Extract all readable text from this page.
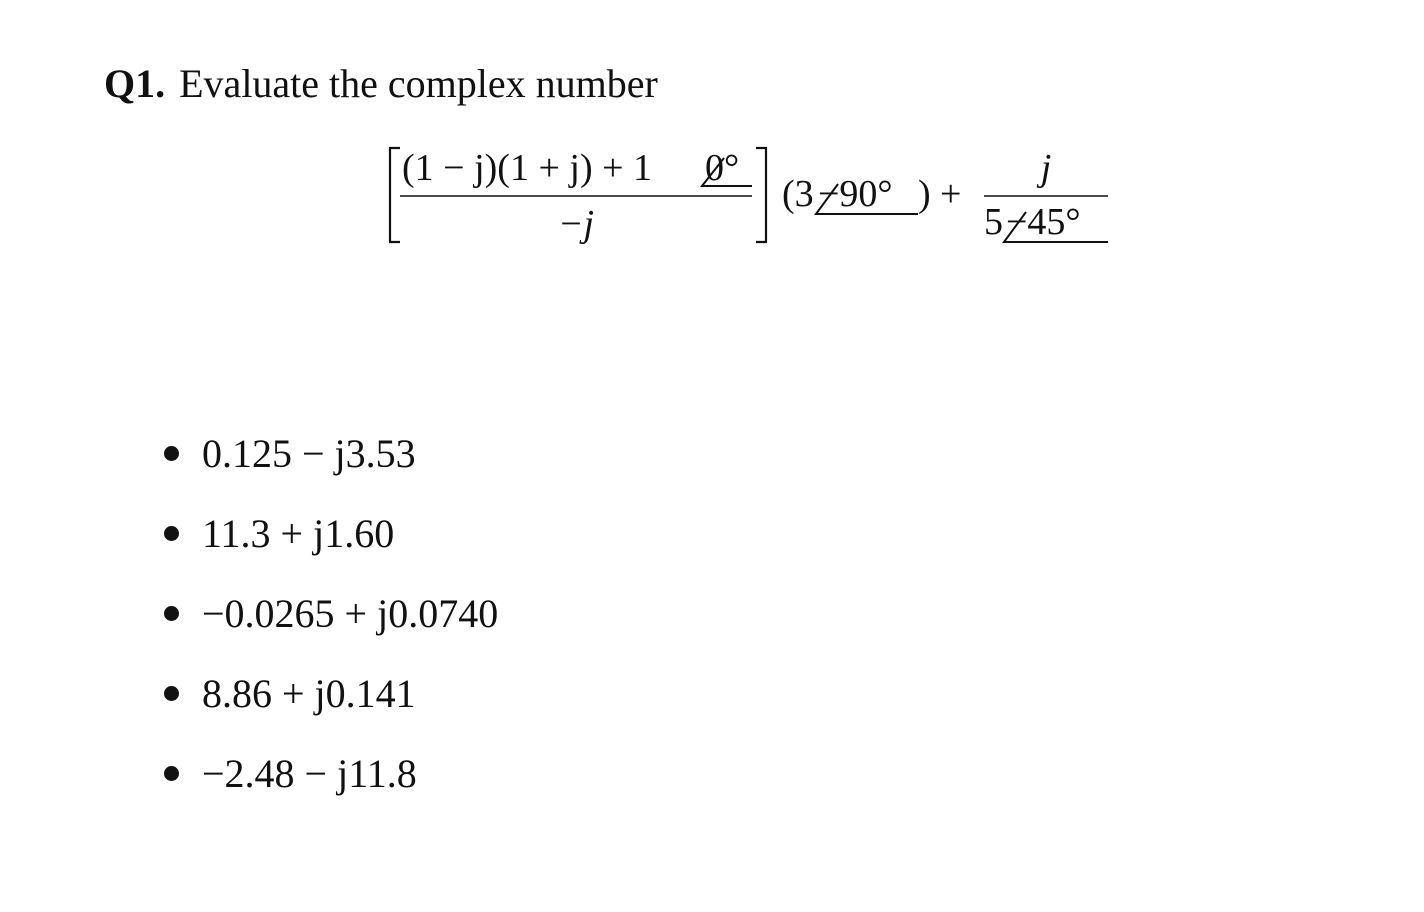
Q1. Evaluate the complex number
(1 − j)(1 + j) + 1 0°
−j
(3 −90° ) +
j
5 −45°
0.125 − j3.53
11.3 + j1.60
−0.0265 + j0.0740
8.86 + j0.141
−2.48 − j11.8
